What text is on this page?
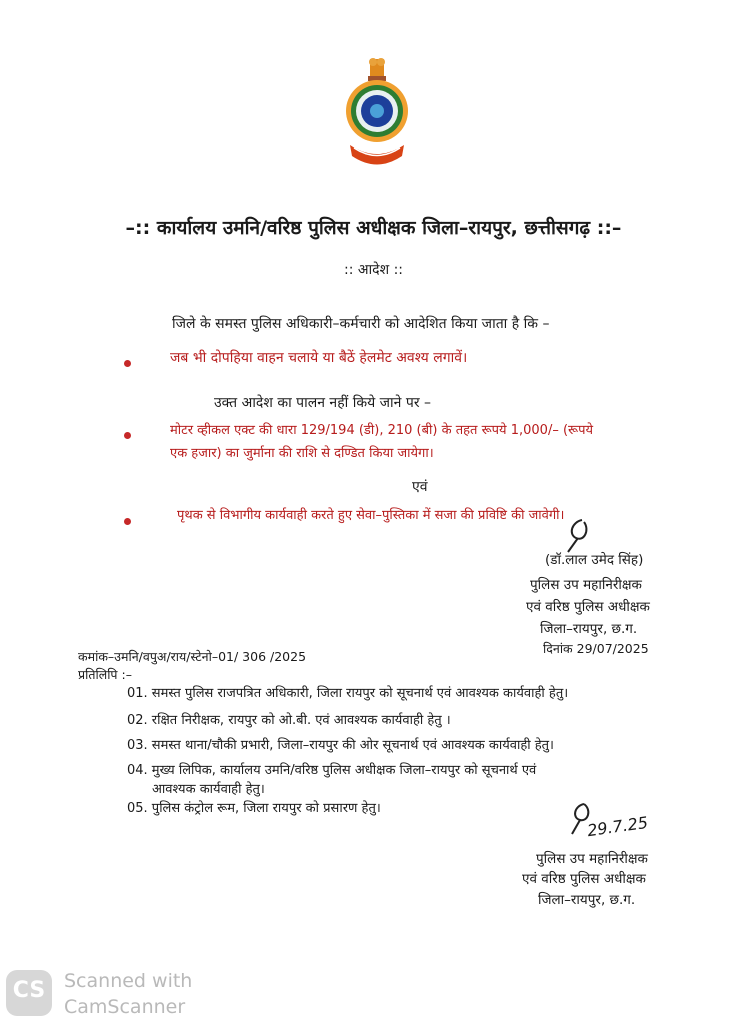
–:: कार्यालय उमनि/वरिष्ठ पुलिस अधीक्षक जिला–रायपुर, छत्तीसगढ़ ::–
:: आदेश ::
जिले के समस्त पुलिस अधिकारी–कर्मचारी को आदेशित किया जाता है कि –
जब भी दोपहिया वाहन चलाये या बैठें हेलमेट अवश्य लगावें।
उक्त आदेश का पालन नहीं किये जाने पर –
मोटर व्हीकल एक्ट की धारा 129/194 (डी), 210 (बी) के तहत रूपये 1,000/– (रूपये
एक हजार) का जुर्माना की राशि से दण्डित किया जायेगा।
एवं
पृथक से विभागीय कार्यवाही करते हुए सेवा–पुस्तिका में सजा की प्रविष्टि की जावेगी।
(डॉ.लाल उमेद सिंह)
पुलिस उप महानिरीक्षक
एवं वरिष्ठ पुलिस अधीक्षक
जिला–रायपुर, छ.ग.
कमांक–उमनि/वपुअ/राय/स्टेनो–01/ 306 /2025
दिनांक 29/07/2025
प्रतिलिपि :–
01. समस्त पुलिस राजपत्रित अधिकारी, जिला रायपुर को सूचनार्थ एवं आवश्यक कार्यवाही हेतु।
02. रक्षित निरीक्षक, रायपुर को ओ.बी. एवं आवश्यक कार्यवाही हेतु ।
03. समस्त थाना/चौकी प्रभारी, जिला–रायपुर की ओर सूचनार्थ एवं आवश्यक कार्यवाही हेतु।
04. मुख्य लिपिक, कार्यालय उमनि/वरिष्ठ पुलिस अधीक्षक जिला–रायपुर को सूचनार्थ एवं
आवश्यक कार्यवाही हेतु।
05. पुलिस कंट्रोल रूम, जिला रायपुर को प्रसारण हेतु।
29.7.25
पुलिस उप महानिरीक्षक
एवं वरिष्ठ पुलिस अधीक्षक
जिला–रायपुर, छ.ग.
CS Scanned with
CamScanner
